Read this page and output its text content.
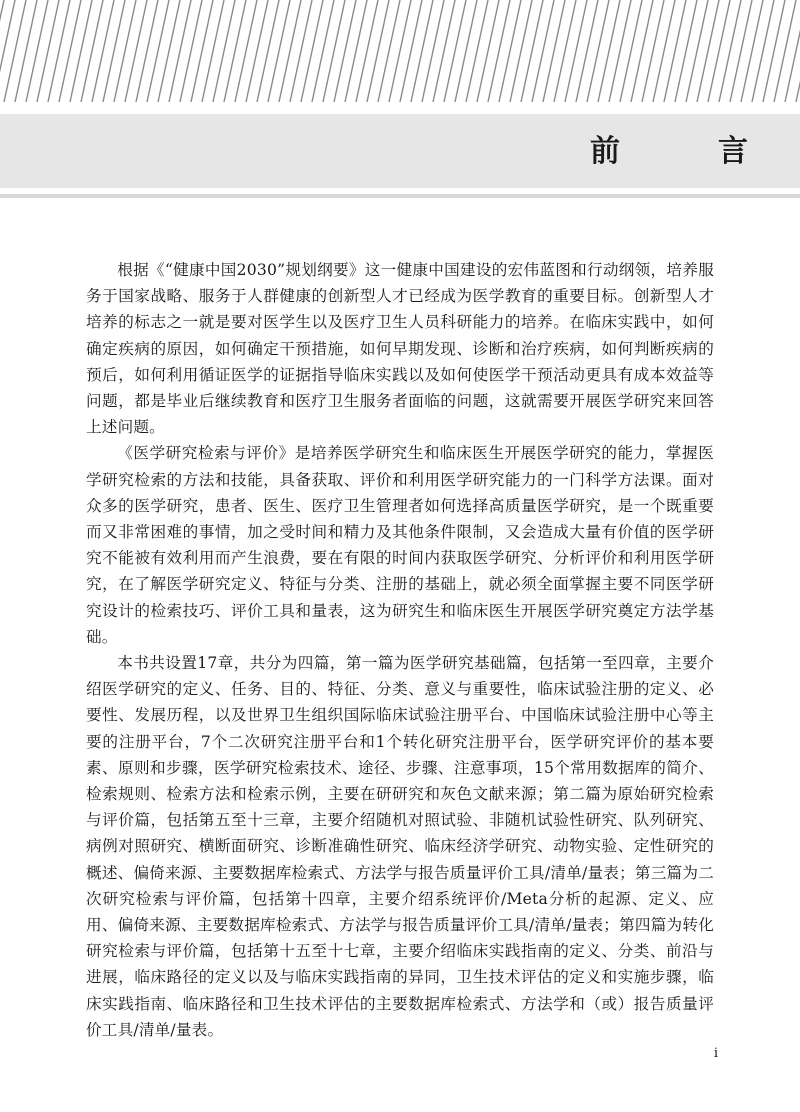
前　言

根据《“健康中国2030”规划纲要》这一健康中国建设的宏伟蓝图和行动纲领，培养服务于国家战略、服务于人群健康的创新型人才已经成为医学教育的重要目标。创新型人才培养的标志之一就是要对医学生以及医疗卫生人员科研能力的培养。在临床实践中，如何确定疾病的原因，如何确定干预措施，如何早期发现、诊断和治疗疾病，如何判断疾病的预后，如何利用循证医学的证据指导临床实践以及如何使医学干预活动更具有成本效益等问题，都是毕业后继续教育和医疗卫生服务者面临的问题，这就需要开展医学研究来回答上述问题。

《医学研究检索与评价》是培养医学研究生和临床医生开展医学研究的能力，掌握医学研究检索的方法和技能，具备获取、评价和利用医学研究能力的一门科学方法课。面对众多的医学研究，患者、医生、医疗卫生管理者如何选择高质量医学研究，是一个既重要而又非常困难的事情，加之受时间和精力及其他条件限制，又会造成大量有价值的医学研究不能被有效利用而产生浪费，要在有限的时间内获取医学研究、分析评价和利用医学研究，在了解医学研究定义、特征与分类、注册的基础上，就必须全面掌握主要不同医学研究设计的检索技巧、评价工具和量表，这为研究生和临床医生开展医学研究奠定方法学基础。

本书共设置17章，共分为四篇，第一篇为医学研究基础篇，包括第一至四章，主要介绍医学研究的定义、任务、目的、特征、分类、意义与重要性，临床试验注册的定义、必要性、发展历程，以及世界卫生组织国际临床试验注册平台、中国临床试验注册中心等主要的注册平台，7个二次研究注册平台和1个转化研究注册平台，医学研究评价的基本要素、原则和步骤，医学研究检索技术、途径、步骤、注意事项，15个常用数据库的简介、检索规则、检索方法和检索示例，主要在研研究和灰色文献来源；第二篇为原始研究检索与评价篇，包括第五至十三章，主要介绍随机对照试验、非随机试验性研究、队列研究、病例对照研究、横断面研究、诊断准确性研究、临床经济学研究、动物实验、定性研究的概述、偏倚来源、主要数据库检索式、方法学与报告质量评价工具/清单/量表；第三篇为二次研究检索与评价篇，包括第十四章，主要介绍系统评价/Meta分析的起源、定义、应用、偏倚来源、主要数据库检索式、方法学与报告质量评价工具/清单/量表；第四篇为转化研究检索与评价篇，包括第十五至十七章，主要介绍临床实践指南的定义、分类、前沿与进展，临床路径的定义以及与临床实践指南的异同，卫生技术评估的定义和实施步骤，临床实践指南、临床路径和卫生技术评估的主要数据库检索式、方法学和（或）报告质量评价工具/清单/量表。

i
